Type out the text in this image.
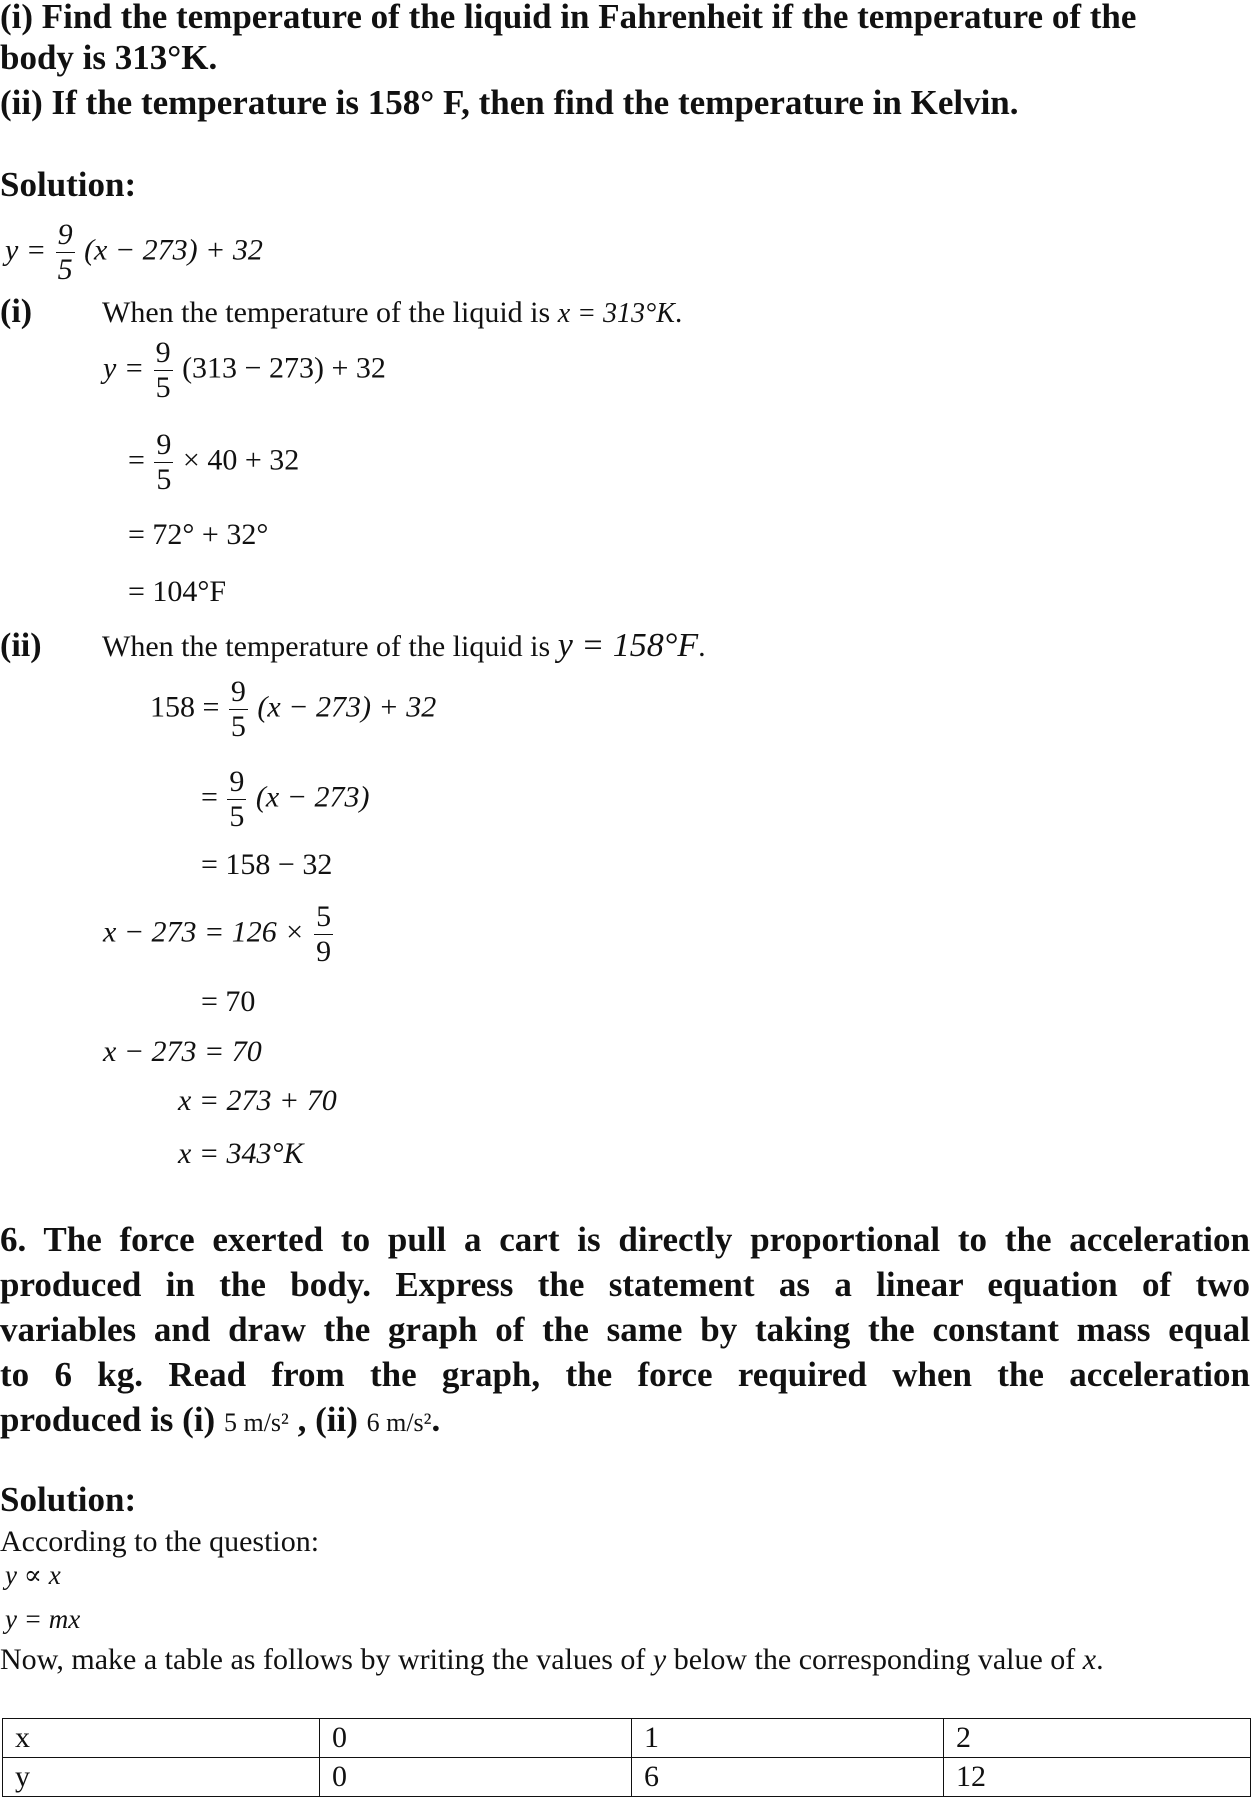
(i) Find the temperature of the liquid in Fahrenheit if the temperature of the
body is 313°K.
(ii) If the temperature is 158° F, then find the temperature in Kelvin.
Solution:
$y = \frac{9}{5} (x - 273) + 32$
(i) When the temperature of the liquid is x = 313°K.
$y = \frac{9}{5} (313 - 273) + 32$
= $\frac{9}{5} \times 40 + 32$
= 72° + 32°
= 104°F
(ii) When the temperature of the liquid is y = 158°F.
$158 = \frac{9}{5} (x - 273) + 32$
= $\frac{9}{5} (x - 273)$
= 158 − 32
$x - 273 = 126 \times \frac{5}{9}$
= 70
x − 273 = 70
x = 273 + 70
x = 343°K
6. The force exerted to pull a cart is directly proportional to the acceleration
produced in the body. Express the statement as a linear equation of two
variables and draw the graph of the same by taking the constant mass equal
to 6 kg. Read from the graph, the force required when the acceleration
produced is (i) 5 m/s² , (ii) 6 m/s².
Solution:
According to the question:
y ∝ x
y = mx
Now, make a table as follows by writing the values of y below the corresponding value of x.
x	0	1	2
y	0	6	12
